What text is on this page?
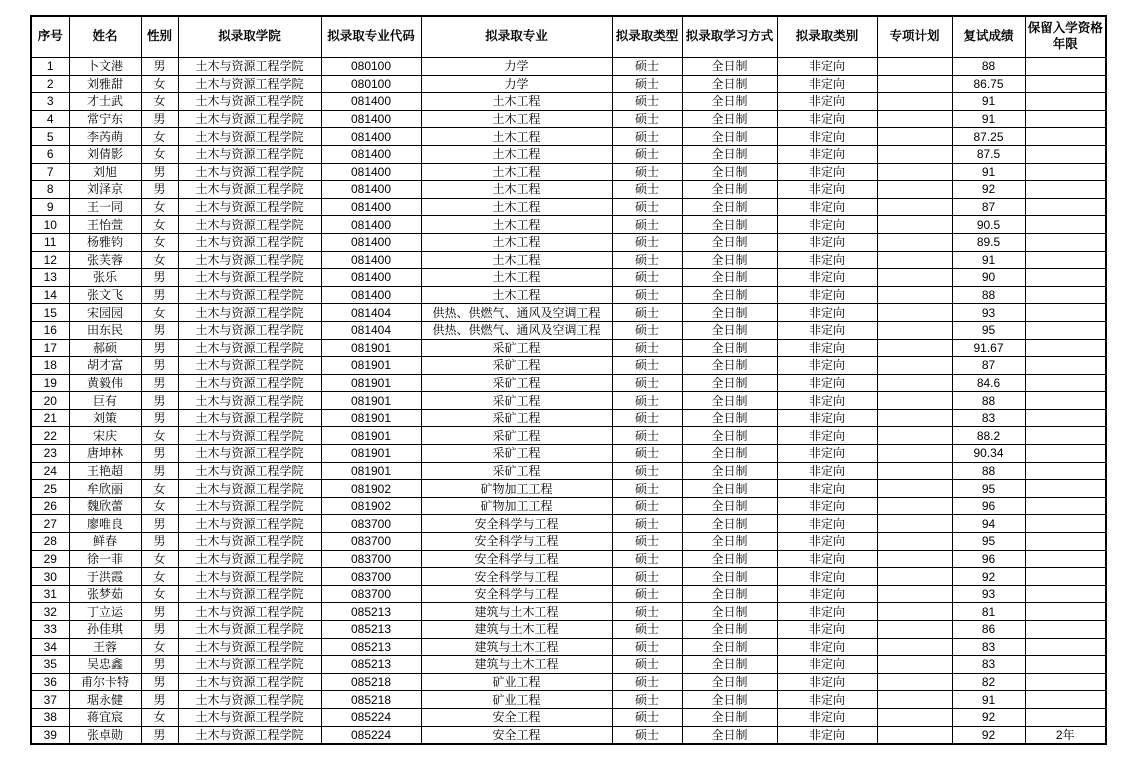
序号	姓名	性别	拟录取学院	拟录取专业代码	拟录取专业	拟录取类型	拟录取学习方式	拟录取类别	专项计划	复试成绩	保留入学资格年限
1	卜文港	男	土木与资源工程学院	080100	力学	硕士	全日制	非定向		88	
2	刘雅甜	女	土木与资源工程学院	080100	力学	硕士	全日制	非定向		86.75	
3	才士武	女	土木与资源工程学院	081400	土木工程	硕士	全日制	非定向		91	
4	常宁东	男	土木与资源工程学院	081400	土木工程	硕士	全日制	非定向		91	
5	李芮萌	女	土木与资源工程学院	081400	土木工程	硕士	全日制	非定向		87.25	
6	刘倩影	女	土木与资源工程学院	081400	土木工程	硕士	全日制	非定向		87.5	
7	刘旭	男	土木与资源工程学院	081400	土木工程	硕士	全日制	非定向		91	
8	刘泽京	男	土木与资源工程学院	081400	土木工程	硕士	全日制	非定向		92	
9	王一同	女	土木与资源工程学院	081400	土木工程	硕士	全日制	非定向		87	
10	王怡萱	女	土木与资源工程学院	081400	土木工程	硕士	全日制	非定向		90.5	
11	杨雅钧	女	土木与资源工程学院	081400	土木工程	硕士	全日制	非定向		89.5	
12	张芙蓉	女	土木与资源工程学院	081400	土木工程	硕士	全日制	非定向		91	
13	张乐	男	土木与资源工程学院	081400	土木工程	硕士	全日制	非定向		90	
14	张文飞	男	土木与资源工程学院	081400	土木工程	硕士	全日制	非定向		88	
15	宋园园	女	土木与资源工程学院	081404	供热、供燃气、通风及空调工程	硕士	全日制	非定向		93	
16	田东民	男	土木与资源工程学院	081404	供热、供燃气、通风及空调工程	硕士	全日制	非定向		95	
17	郝硕	男	土木与资源工程学院	081901	采矿工程	硕士	全日制	非定向		91.67	
18	胡才富	男	土木与资源工程学院	081901	采矿工程	硕士	全日制	非定向		87	
19	黄毅伟	男	土木与资源工程学院	081901	采矿工程	硕士	全日制	非定向		84.6	
20	巨有	男	土木与资源工程学院	081901	采矿工程	硕士	全日制	非定向		88	
21	刘策	男	土木与资源工程学院	081901	采矿工程	硕士	全日制	非定向		83	
22	宋庆	女	土木与资源工程学院	081901	采矿工程	硕士	全日制	非定向		88.2	
23	唐坤林	男	土木与资源工程学院	081901	采矿工程	硕士	全日制	非定向		90.34	
24	王艳超	男	土木与资源工程学院	081901	采矿工程	硕士	全日制	非定向		88	
25	牟欣丽	女	土木与资源工程学院	081902	矿物加工工程	硕士	全日制	非定向		95	
26	魏欣蕾	女	土木与资源工程学院	081902	矿物加工工程	硕士	全日制	非定向		96	
27	廖唯良	男	土木与资源工程学院	083700	安全科学与工程	硕士	全日制	非定向		94	
28	鲜春	男	土木与资源工程学院	083700	安全科学与工程	硕士	全日制	非定向		95	
29	徐一菲	女	土木与资源工程学院	083700	安全科学与工程	硕士	全日制	非定向		96	
30	于洪霞	女	土木与资源工程学院	083700	安全科学与工程	硕士	全日制	非定向		92	
31	张梦茹	女	土木与资源工程学院	083700	安全科学与工程	硕士	全日制	非定向		93	
32	丁立运	男	土木与资源工程学院	085213	建筑与土木工程	硕士	全日制	非定向		81	
33	孙佳琪	男	土木与资源工程学院	085213	建筑与土木工程	硕士	全日制	非定向		86	
34	王蓉	女	土木与资源工程学院	085213	建筑与土木工程	硕士	全日制	非定向		83	
35	吴忠鑫	男	土木与资源工程学院	085213	建筑与土木工程	硕士	全日制	非定向		83	
36	甫尔卡特	男	土木与资源工程学院	085218	矿业工程	硕士	全日制	非定向		82	
37	琚永健	男	土木与资源工程学院	085218	矿业工程	硕士	全日制	非定向		91	
38	蒋宜宸	女	土木与资源工程学院	085224	安全工程	硕士	全日制	非定向		92	
39	张卓勋	男	土木与资源工程学院	085224	安全工程	硕士	全日制	非定向		92	2年
